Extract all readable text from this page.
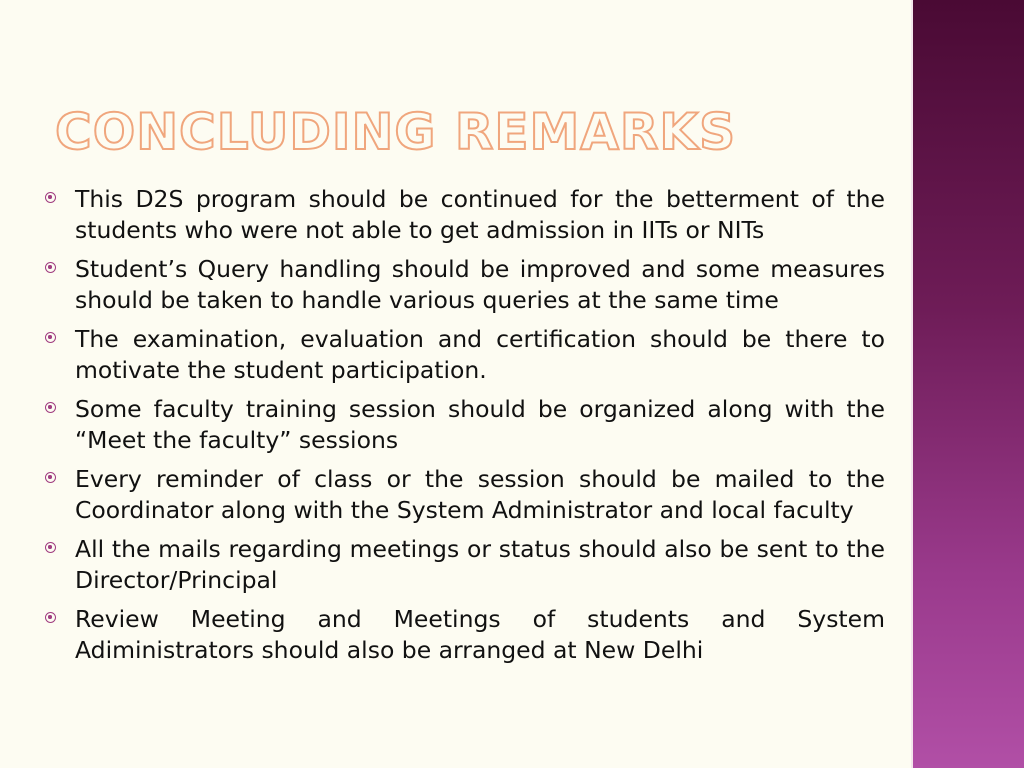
CONCLUDING REMARKS
This D2S program should be continued for the betterment of the students who were not able to get admission in IITs or NITs
Student’s Query handling should be improved and some measures should be taken to handle various queries at the same time
The examination, evaluation and certification should be there to motivate the student participation.
Some faculty training session should be organized along with the “Meet the faculty” sessions
Every reminder of class or the session should be mailed to the Coordinator along with the System Administrator and local faculty
All the mails regarding meetings or status should also be sent to the Director/Principal
Review Meeting and Meetings of students and System Adiministrators should also be arranged at New Delhi
